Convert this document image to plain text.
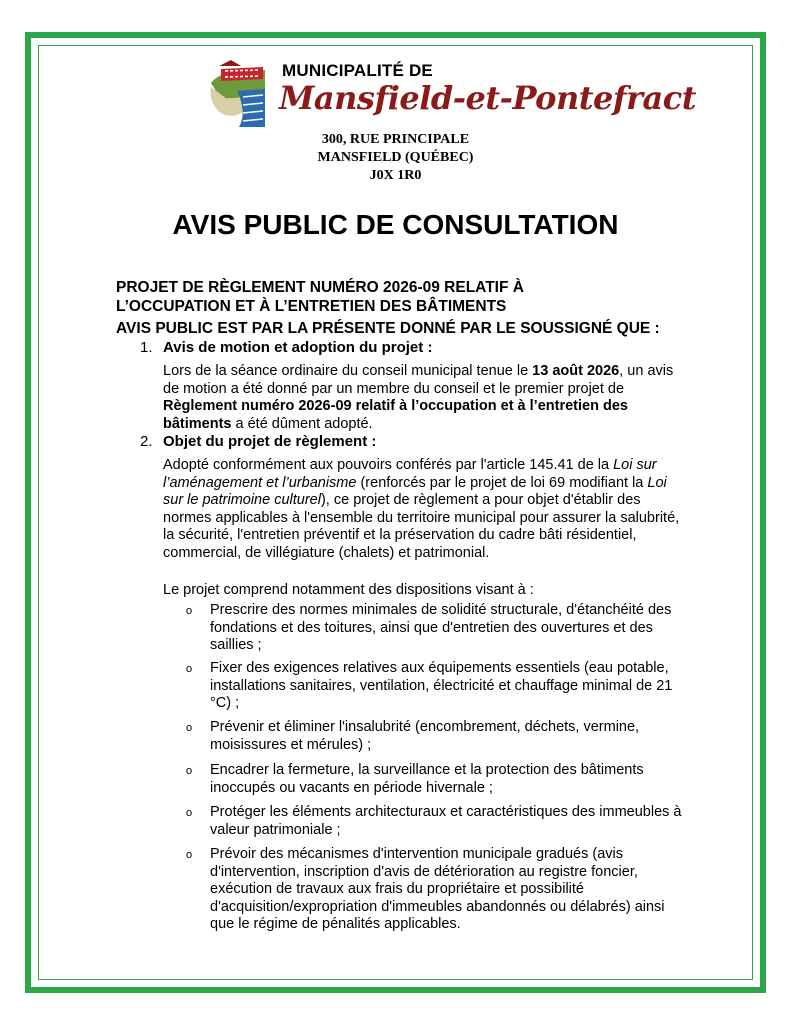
MUNICIPALITÉ DE
Mansfield-et-Pontefract
300, RUE PRINCIPALE
MANSFIELD (QUÉBEC)
J0X 1R0
AVIS PUBLIC DE CONSULTATION
PROJET DE RÈGLEMENT NUMÉRO 2026-09 RELATIF À
L’OCCUPATION ET À L’ENTRETIEN DES BÂTIMENTS
AVIS PUBLIC EST PAR LA PRÉSENTE DONNÉ PAR LE SOUSSIGNÉ QUE :
1. Avis de motion et adoption du projet :
Lors de la séance ordinaire du conseil municipal tenue le 13 août 2026, un avis de motion a été donné par un membre du conseil et le premier projet de Règlement numéro 2026-09 relatif à l’occupation et à l’entretien des bâtiments a été dûment adopté.
2. Objet du projet de règlement :
Adopté conformément aux pouvoirs conférés par l'article 145.41 de la Loi sur l’aménagement et l’urbanisme (renforcés par le projet de loi 69 modifiant la Loi sur le patrimoine culturel), ce projet de règlement a pour objet d'établir des normes applicables à l'ensemble du territoire municipal pour assurer la salubrité, la sécurité, l'entretien préventif et la préservation du cadre bâti résidentiel, commercial, de villégiature (chalets) et patrimonial.
Le projet comprend notamment des dispositions visant à :
o Prescrire des normes minimales de solidité structurale, d'étanchéité des fondations et des toitures, ainsi que d'entretien des ouvertures et des saillies ;
o Fixer des exigences relatives aux équipements essentiels (eau potable, installations sanitaires, ventilation, électricité et chauffage minimal de 21 °C) ;
o Prévenir et éliminer l'insalubrité (encombrement, déchets, vermine, moisissures et mérules) ;
o Encadrer la fermeture, la surveillance et la protection des bâtiments inoccupés ou vacants en période hivernale ;
o Protéger les éléments architecturaux et caractéristiques des immeubles à valeur patrimoniale ;
o Prévoir des mécanismes d'intervention municipale gradués (avis d'intervention, inscription d'avis de détérioration au registre foncier, exécution de travaux aux frais du propriétaire et possibilité d'acquisition/expropriation d'immeubles abandonnés ou délabrés) ainsi que le régime de pénalités applicables.
